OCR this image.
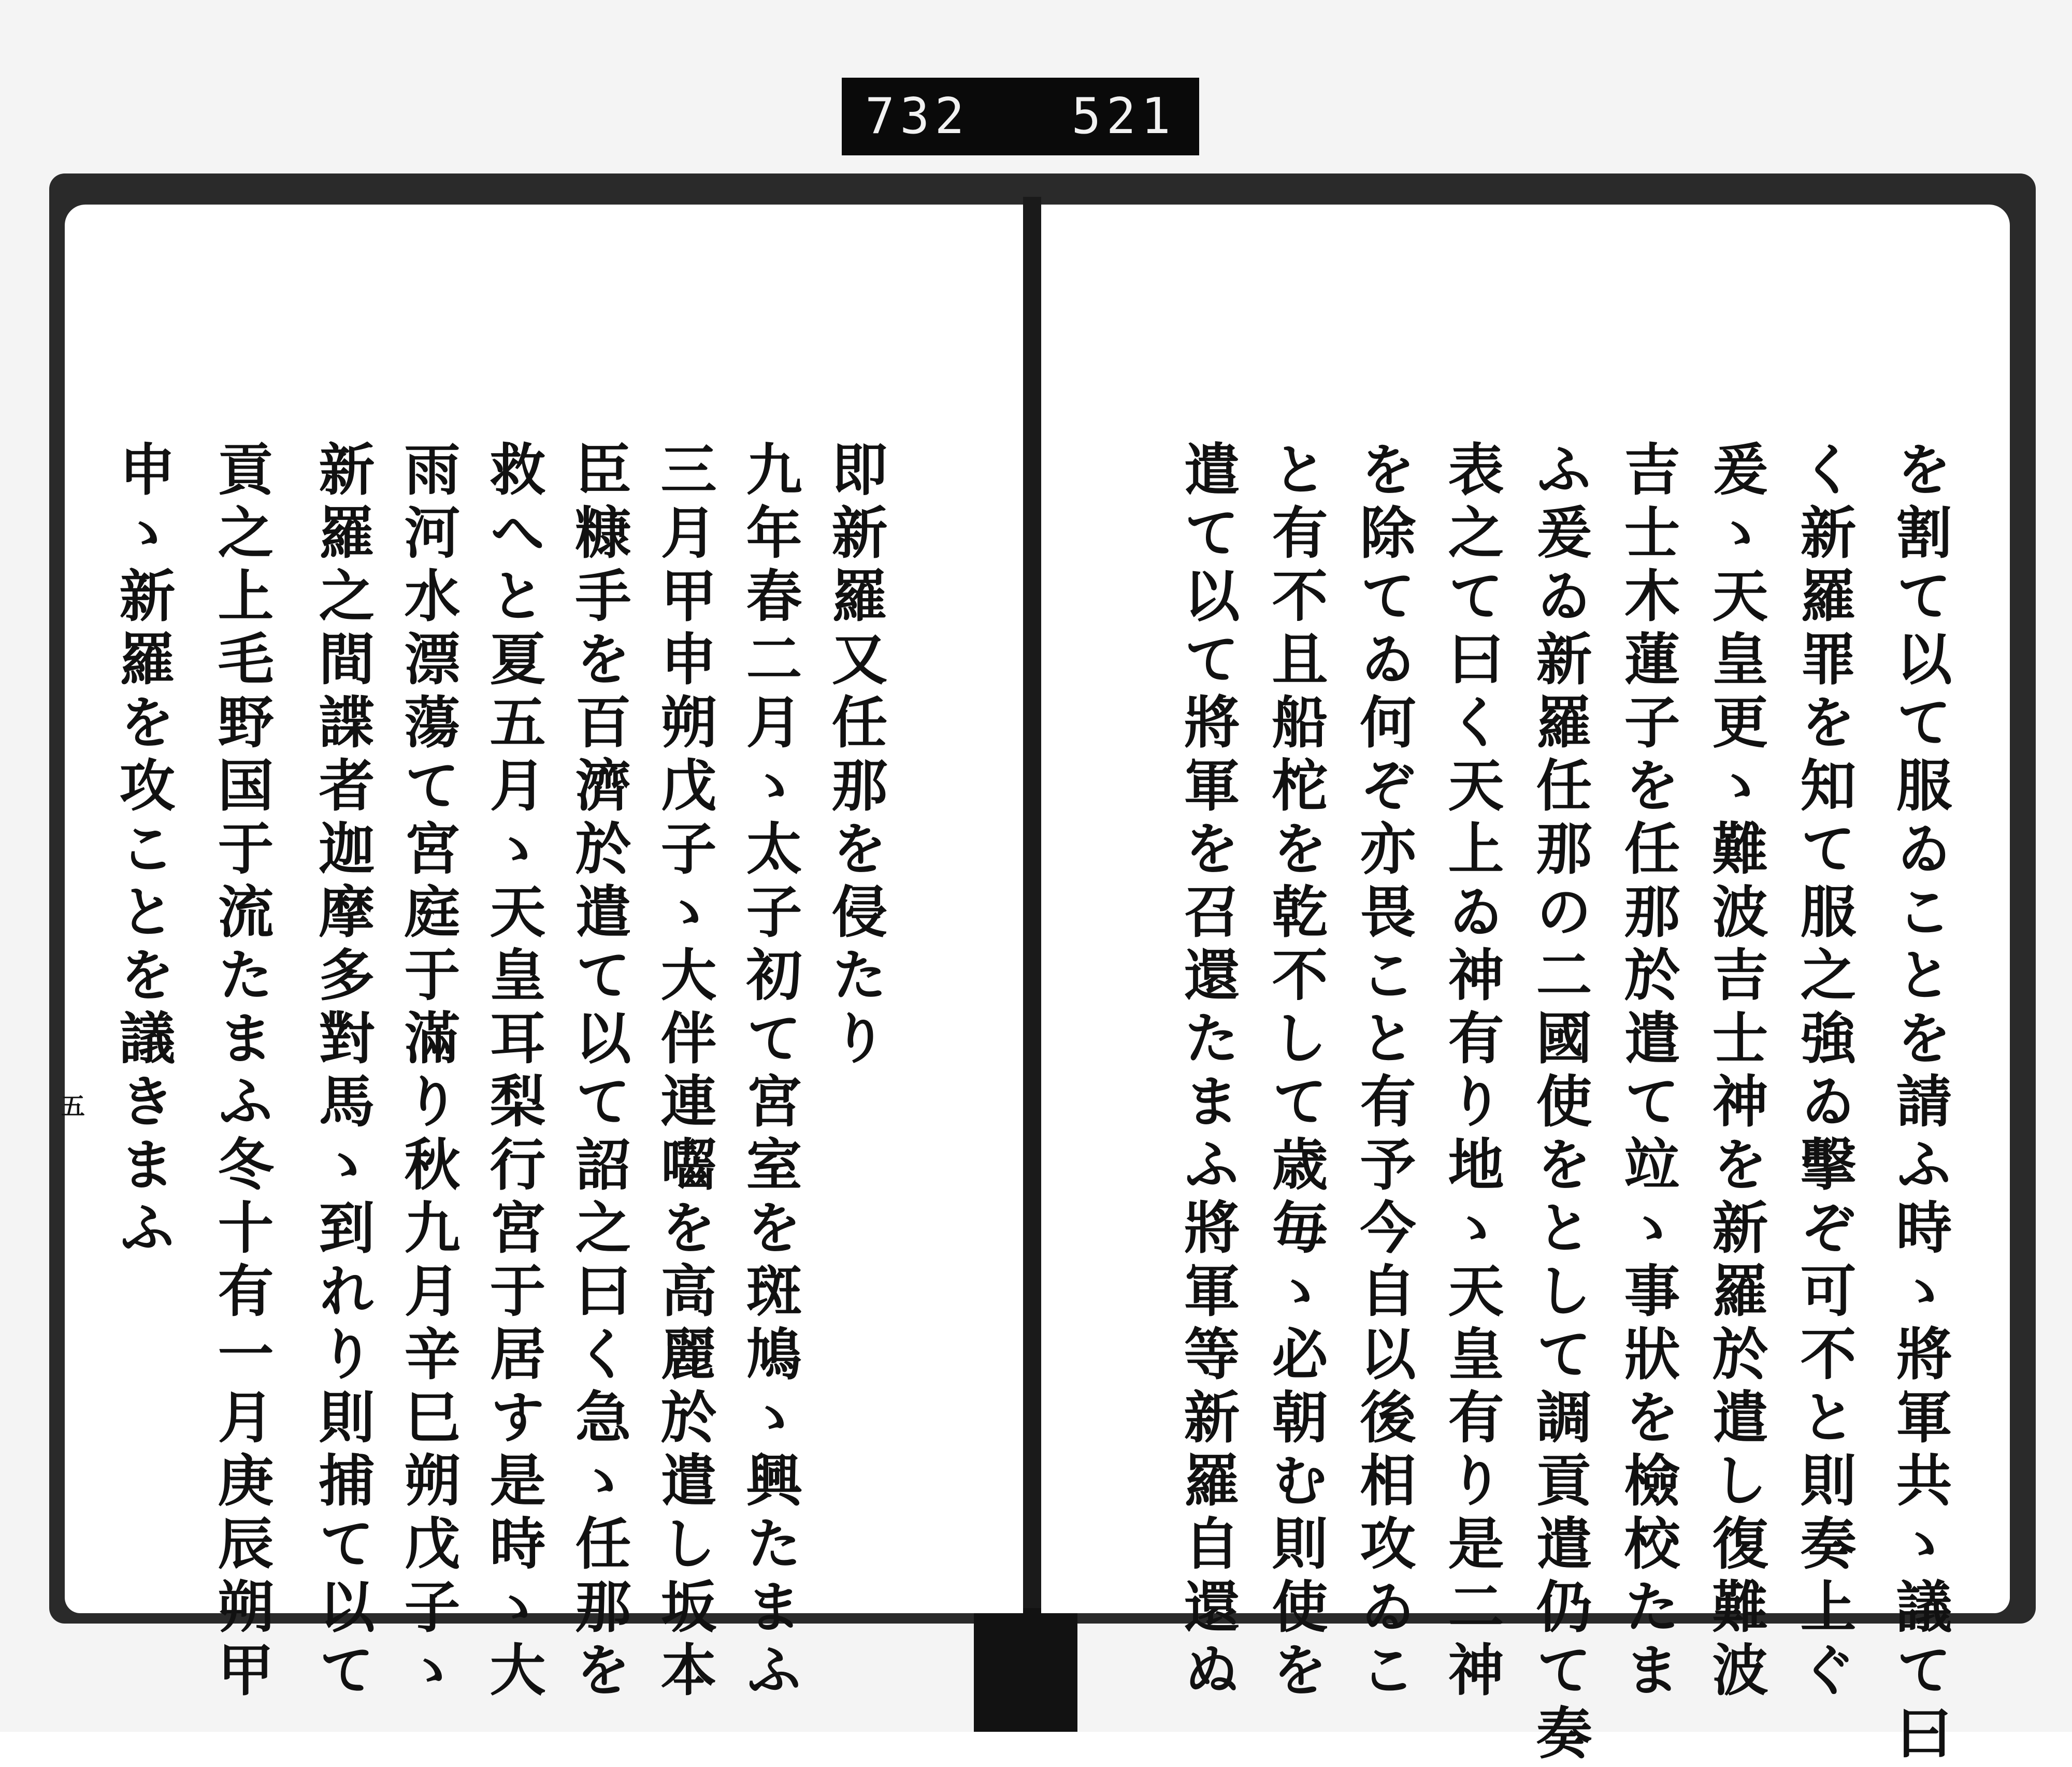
732 521
即新羅又任那を侵たり
九年春二月ゝ太子初て宮室を斑鳩ゝ興たまふ
三月甲申朔戊子ゝ大伴連囓を高麗於遣し坂本
臣糠手を百濟於遣て以て詔之曰く急ゝ任那を
救へと夏五月ゝ天皇耳梨行宮于居す是時ゝ大
雨河水漂蕩て宮庭于滿り秋九月辛巳朔戊子ゝ
新羅之間諜者迦摩多對馬ゝ到れり則捕て以て
貢之上毛野国于流たまふ冬十有一月庚辰朔甲
申ゝ新羅を攻ことを議きまふ
五	を割て以て服ゐことを請ふ時ゝ將軍共ゝ議て曰
く新羅罪を知て服之強ゐ擊ぞ可不と則奏上ぐ
爰ゝ天皇更ゝ難波吉士神を新羅於遣し復難波
吉士木蓮子を任那於遣て竝ゝ事狀を檢校たま
ふ爰ゐ新羅任那の二國使をとして調貢遣仍て奏
表之て曰く天上ゐ神有り地ゝ天皇有り是二神
を除てゐ何ぞ亦畏こと有予今自以後相攻ゐこ
と有不且船柁を乾不して歳毎ゝ必朝む則使を
遣て以て將軍を召還たまふ將軍等新羅自還ぬ
